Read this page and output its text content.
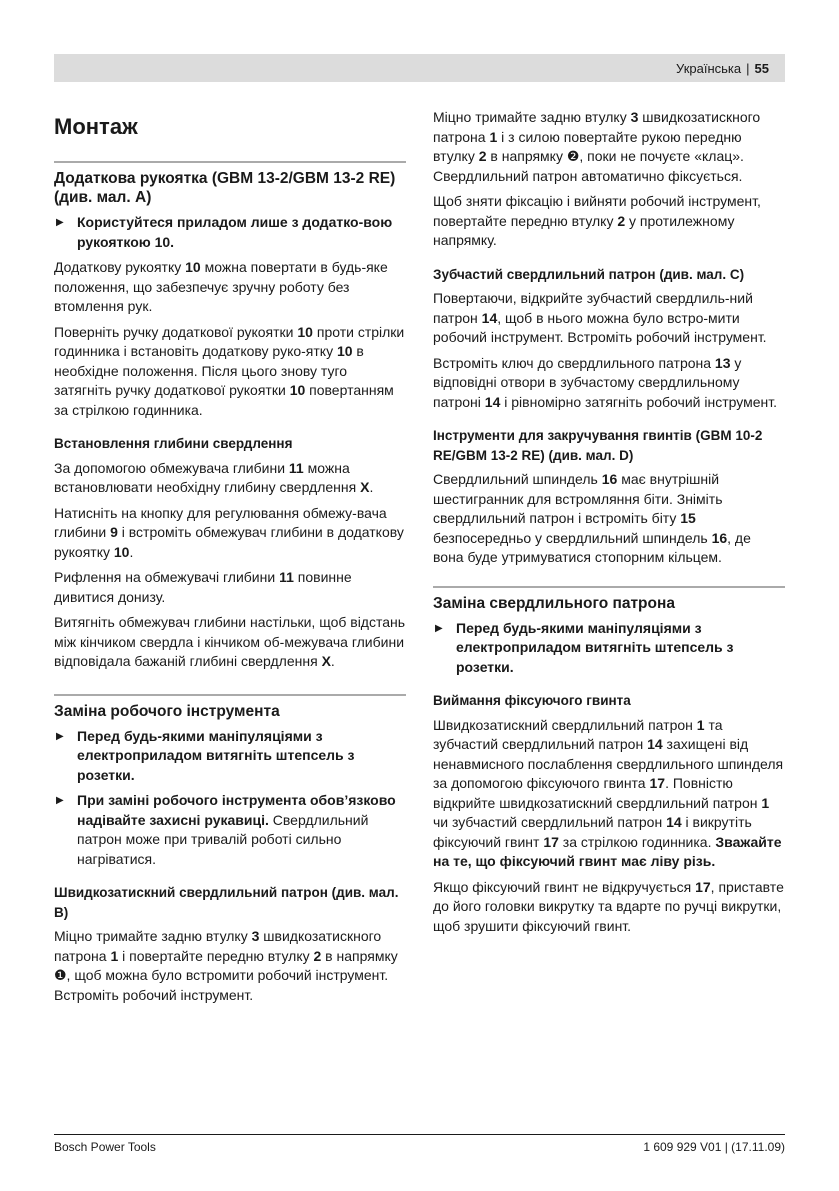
Українська | 55
Монтаж
Додаткова рукоятка (GBM 13-2/GBM 13-2 RE) (див. мал. А)
▶ Користуйтеся приладом лише з додатко-вою рукояткою 10.

Додаткову рукоятку 10 можна повертати в будь-яке положення, що забезпечує зручну роботу без втомлення рук.

Поверніть ручку додаткової рукоятки 10 проти стрілки годинника і встановіть додаткову руко-ятку 10 в необхідне положення. Після цього знову туго затягніть ручку додаткової рукоятки 10 повертанням за стрілкою годинника.

Встановлення глибини свердлення

За допомогою обмежувача глибини 11 можна встановлювати необхідну глибину свердлення X.

Натисніть на кнопку для регулювання обмежу-вача глибини 9 і встроміть обмежувач глибини в додаткову рукоятку 10.

Рифлення на обмежувачі глибини 11 повинне дивитися донизу.

Витягніть обмежувач глибини настільки, щоб відстань між кінчиком свердла і кінчиком об-межувача глибини відповідала бажаній глибині свердлення X.

Заміна робочого інструмента
▶ Перед будь-якими маніпуляціями з електроприладом витягніть штепсель з розетки.
▶ При заміні робочого інструмента обов’язково надівайте захисні рукавиці. Свердлильний патрон може при тривалій роботі сильно нагріватися.
Швидкозатискний свердлильний патрон (див. мал. B)

Міцно тримайте задню втулку 3 швидкозатискного патрона 1 і повертайте передню втулку 2 в напрямку ❶, щоб можна було встромити робочий інструмент. Встроміть робочий інструмент.

Міцно тримайте задню втулку 3 швидкозатискного патрона 1 і з силою повертайте рукою передню втулку 2 в напрямку ❷, поки не почуєте «клац». Свердлильний патрон автоматично фіксується.

Щоб зняти фіксацію і вийняти робочий інструмент, повертайте передню втулку 2 у протилежному напрямку.

Зубчастий свердлильний патрон (див. мал. C)

Повертаючи, відкрийте зубчастий свердлиль-ний патрон 14, щоб в нього можна було встро-мити робочий інструмент. Встроміть робочий інструмент.

Встроміть ключ до свердлильного патрона 13 у відповідні отвори в зубчастому свердлильному патроні 14 і рівномірно затягніть робочий інструмент.

Інструменти для закручування гвинтів (GBM 10-2 RE/GBM 13-2 RE) (див. мал. D)

Свердлильний шпиндель 16 має внутрішній шестигранник для встромляння біти. Зніміть свердлильний патрон і встроміть біту 15 безпосередньо у свердлильний шпиндель 16, де вона буде утримуватися стопорним кільцем.

Заміна свердлильного патрона
▶ Перед будь-якими маніпуляціями з електроприладом витягніть штепсель з розетки.
Виймання фіксуючого гвинта

Швидкозатискний свердлильний патрон 1 та зубчастий свердлильний патрон 14 захищені від ненавмисного послаблення свердлильного шпинделя за допомогою фіксуючого гвинта 17. Повністю відкрийте швидкозатискний свердлильний патрон 1 чи зубчастий свердлильний патрон 14 і викрутіть фіксуючий гвинт 17 за стрілкою годинника. Зважайте на те, що фіксуючий гвинт має ліву різь.

Якщо фіксуючий гвинт не відкручується 17, приставте до його головки викрутку та вдарте по ручці викрутки, щоб зрушити фіксуючий гвинт.

Bosch Power Tools	1 609 929 V01 | (17.11.09)
